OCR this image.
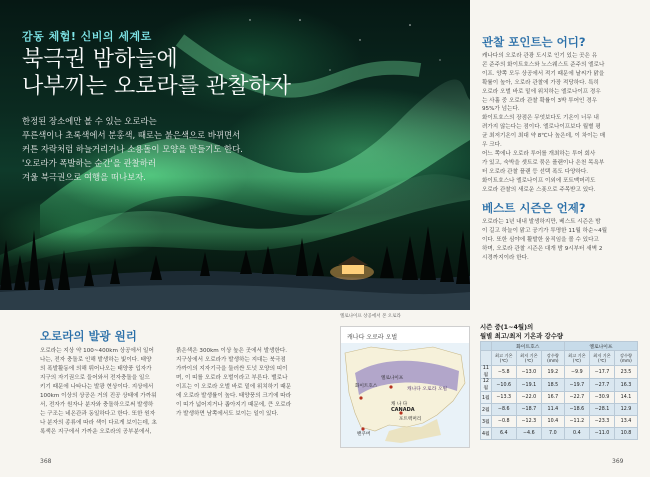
감동 체험! 신비의 세계로
북극권 밤하늘에
나부끼는 오로라를 관찰하자
한정된 장소에만 볼 수 있는 오로라는
푸른색이나 초록색에서 분홍색, 때로는 붉은색으로 바뀌면서
커튼 자락처럼 하늘거리거나 소용돌이 모양을 만들기도 한다.
'오로라가 폭발하는 순간'을 관찰하러
겨울 북극권으로 여행을 떠나보자.
오로라의 발광 원리
오로라는 지상 약 100~400km 상공에서 일어
나는, 전자 충돌로 인해 발생하는 빛이다. 태양
의 폭발활동에 의해 튀어나오는 태양풍 입자가
지구의 자기권으로 들어와서 전자충돌을 일으
키기 때문에 나타나는 발광 현상이다. 지상에서
100km 이상의 상공은 거의 진공 상태에 가까워
서, 전자가 원자나 분자와 충돌하으로써 발생하
는 구조는 네온관과 동일하다고 한다. 또한 원자
나 분자의 종류에 따라 색이 다르게 보이는데, 초
록색은 지구에서 가까운 오로라의 공부분에서,
붉은색은 300km 이상 높은 곳에서 발생한다.
지구상에서 오로라가 발생하는 지대는 북극점
가까이의 지자기극을 둘러싼 도넛 모양의 띠이
며, 이 띠를 오로라 오벌이라고 부른다. 밸로나
이프는 이 오로라 오벌 바로 밑에 위치하기 때문
에 오로라 발생률이 높다. 태양풍의 크기에 따라
이 띠가 넓어지거나 좁아지기 때문에, 큰 오로라
가 발생하면 남쪽에서도 보이는 일이 있다.
368
관찰 포인트는 어디?
캐나다의 오로라 관광 도시로 인기 있는 곳은 유
콘 준주의 화이트호스와 노스웨스트 준주의 엘로나
이프. 양쪽 모두 상공에서 적기 때문에 날씨가 맑을
확률이 높아, 오로라 관찰에 가장 적당하다. 특히
오로라 오벌 바로 밑에 위치하는 엘로나이프 경우
는 사흘 중 오로라 관찰 확률이 3박 투어인 경우
95%가 넘는다.
화이트호스의 장점은 무엇보다도 기온이 너무 내
려가지 않는다는 점이다. 엘로나이프보다 월별 평
균 최저기온이 최대 약 8℃나 높은데, 이 차이는 매
우 크다.
어느 쪽에나 오로라 투어를 개최하는 투어 회사
가 있고, 숙박을 셋트로 묶은 플랜이나 은천 목욕부
터 오로라 관찰 플랜 등 선택 폭도 다양하다.
화이트호스나 엘로나이프 이외에 포트맥머리도
오로라 관찰의 새로운 스폿으로 주목받고 있다.
베스트 시즌은 언제?
오로라는 1년 내내 발생하지만, 베스트 시즌은 밤
이 길고 하늘이 맑고 공기가 투명한 11월 하순~4월
이다. 또한 심야에 활발한 움직임을 볼 수 있다고
하며, 오로라 관찰 시즌은 대개 밤 9시부터 새벽 2
시경까지이라 한다.
엘로나이프 상공에서 본 오로라
캐나다 오로라 오벌
화이트호스
엘로나이프
포트맥머리
밴쿠버
캐나다 오로라 오벌
캐 나 다
CANADA
시즌 중(1~4월)의
월별 최고/최저 기온과 강수량
	화이트호스			옐로나이프		
	최고 기온 (℃)	최저 기온 (℃)	강수량 (mm)	최고 기온 (℃)	최저 기온 (℃)	강수량 (mm)
11월	−5.8	−13.0	19.2	−9.9	−17.7	23.5
12월	−10.6	−19.1	18.5	−19.7	−27.7	16.3
1월	−13.3	−22.0	16.7	−22.7	−30.9	14.1
2월	−8.6	−18.7	11.4	−18.6	−28.1	12.9
3월	−0.8	−12.3	10.4	−11.2	−23.3	13.4
4월	6.4	−4.6	7.0	0.4	−11.0	10.8
369
